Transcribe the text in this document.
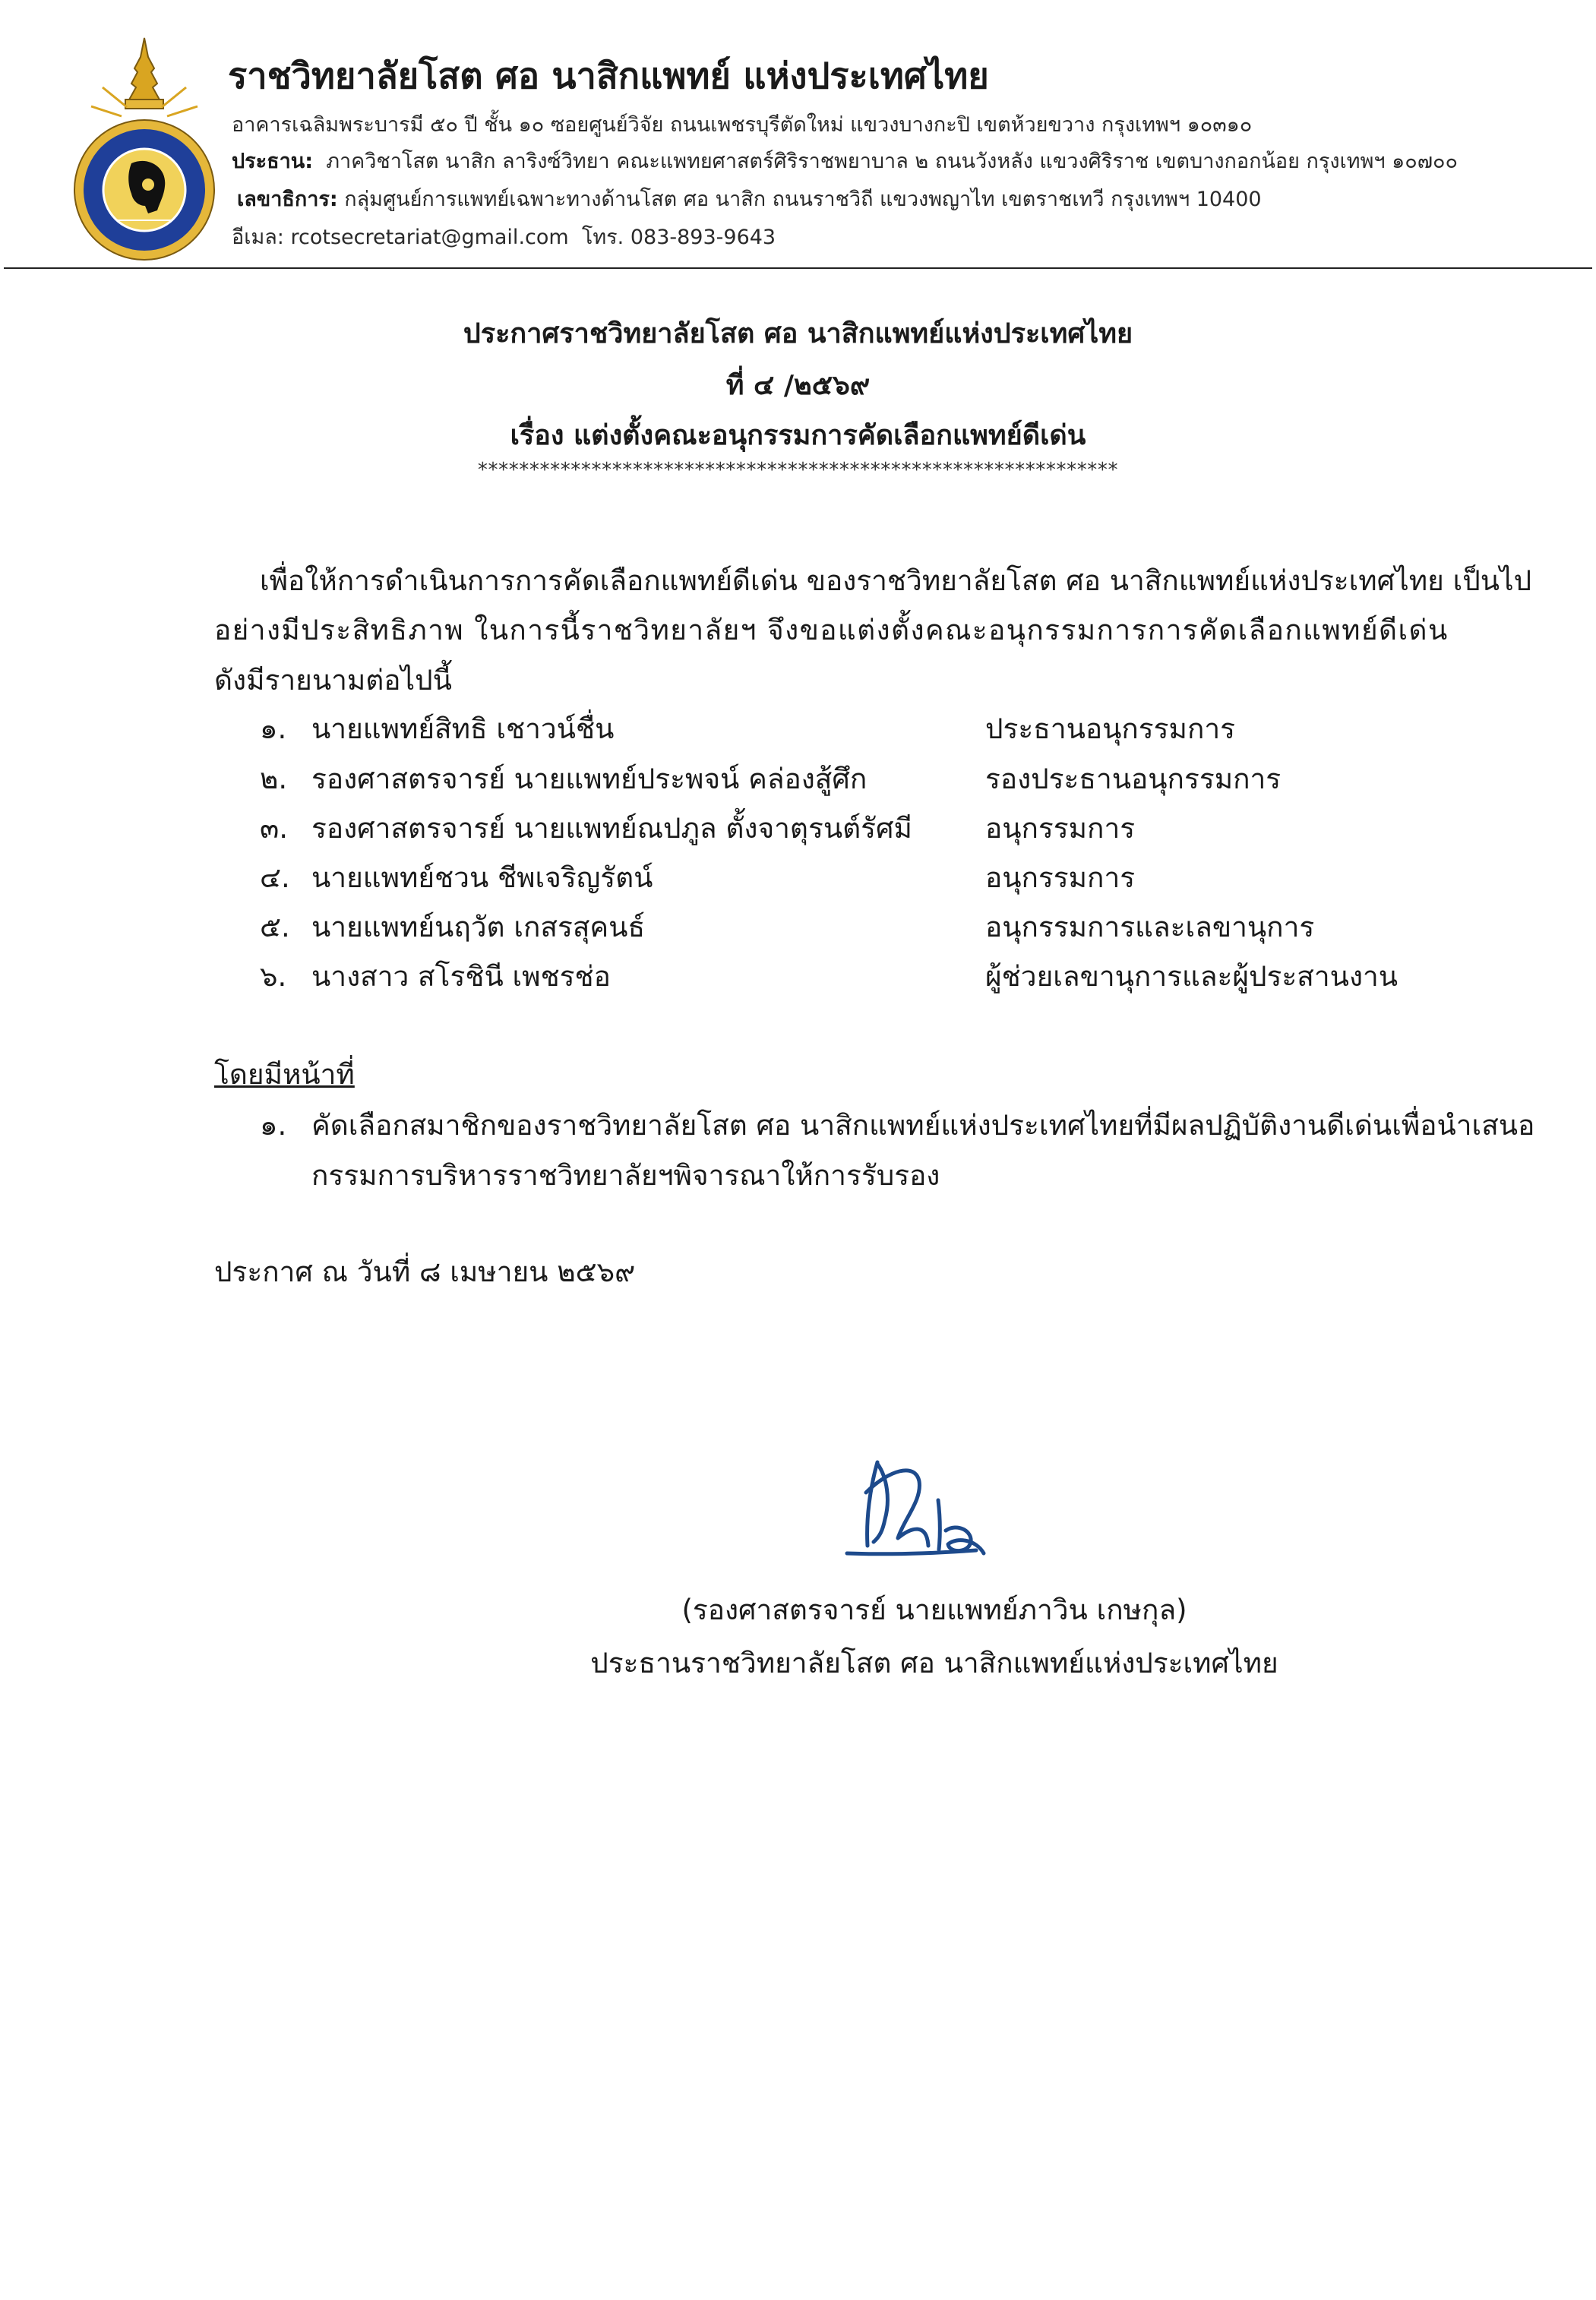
ราชวิทยาลัยโสต ศอ นาสิกแพทย์ แห่งประเทศไทย
อาคารเฉลิมพระบารมี ๕๐ ปี ชั้น ๑๐ ซอยศูนย์วิจัย ถนนเพชรบุรีตัดใหม่ แขวงบางกะปิ เขตห้วยขวาง กรุงเทพฯ ๑๐๓๑๐
ประธาน: ภาควิชาโสต นาสิก ลาริงซ์วิทยา คณะแพทยศาสตร์ศิริราชพยาบาล ๒ ถนนวังหลัง แขวงศิริราช เขตบางกอกน้อย กรุงเทพฯ ๑๐๗๐๐
เลขาธิการ: กลุ่มศูนย์การแพทย์เฉพาะทางด้านโสต ศอ นาสิก ถนนราชวิถี แขวงพญาไท เขตราชเทวี กรุงเทพฯ 10400
อีเมล: rcotsecretariat@gmail.com โทร. 083-893-9643
ประกาศราชวิทยาลัยโสต ศอ นาสิกแพทย์แห่งประเทศไทย
ที่ ๔ /๒๕๖๙
เรื่อง แต่งตั้งคณะอนุกรรมการคัดเลือกแพทย์ดีเด่น
**************************************************************
เพื่อให้การดำเนินการการคัดเลือกแพทย์ดีเด่น ของราชวิทยาลัยโสต ศอ นาสิกแพทย์แห่งประเทศไทย เป็นไป
อย่างมีประสิทธิภาพ ในการนี้ราชวิทยาลัยฯ จึงขอแต่งตั้งคณะอนุกรรมการการคัดเลือกแพทย์ดีเด่น
ดังมีรายนามต่อไปนี้
๑. นายแพทย์สิทธิ เชาวน์ชื่น	ประธานอนุกรรมการ
๒. รองศาสตรจารย์ นายแพทย์ประพจน์ คล่องสู้ศึก	รองประธานอนุกรรมการ
๓. รองศาสตรจารย์ นายแพทย์ณปภูล ตั้งจาตุรนต์รัศมี	อนุกรรมการ
๔. นายแพทย์ชวน ชีพเจริญรัตน์	อนุกรรมการ
๕. นายแพทย์นฤวัต เกสรสุคนธ์	อนุกรรมการและเลขานุการ
๖. นางสาว สโรชินี เพชรช่อ	ผู้ช่วยเลขานุการและผู้ประสานงาน
โดยมีหน้าที่
๑. คัดเลือกสมาชิกของราชวิทยาลัยโสต ศอ นาสิกแพทย์แห่งประเทศไทยที่มีผลปฏิบัติงานดีเด่นเพื่อนำเสนอ
กรรมการบริหารราชวิทยาลัยฯพิจารณาให้การรับรอง
ประกาศ ณ วันที่ ๘ เมษายน ๒๕๖๙
(รองศาสตรจารย์ นายแพทย์ภาวิน เกษกุล)
ประธานราชวิทยาลัยโสต ศอ นาสิกแพทย์แห่งประเทศไทย
